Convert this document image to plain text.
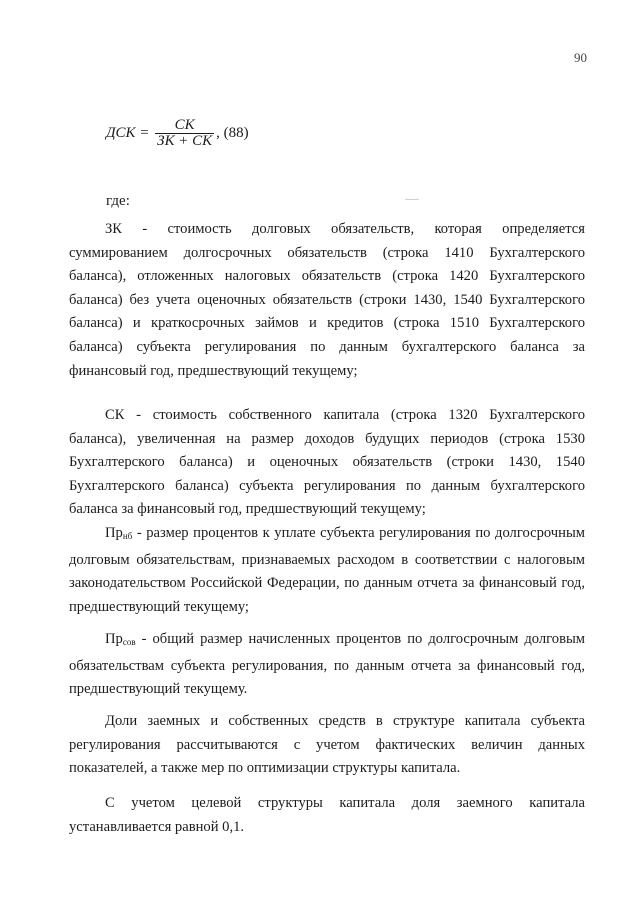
90
ДСК = $\frac{СК}{ЗК + СК}$ , (88)
где:
ЗК - стоимость долговых обязательств, которая определяется суммированием долгосрочных обязательств (строка 1410 Бухгалтерского баланса), отложенных налоговых обязательств (строка 1420 Бухгалтерского баланса) без учета оценочных обязательств (строки 1430, 1540 Бухгалтерского баланса) и краткосрочных займов и кредитов (строка 1510 Бухгалтерского баланса) субъекта регулирования по данным бухгалтерского баланса за финансовый год, предшествующий текущему;
СК - стоимость собственного капитала (строка 1320 Бухгалтерского баланса), увеличенная на размер доходов будущих периодов (строка 1530 Бухгалтерского баланса) и оценочных обязательств (строки 1430, 1540 Бухгалтерского баланса) субъекта регулирования по данным бухгалтерского баланса за финансовый год, предшествующий текущему;
$Пр_{нб}$ - размер процентов к уплате субъекта регулирования по долгосрочным долговым обязательствам, признаваемых расходом в соответствии с налоговым законодательством Российской Федерации, по данным отчета за финансовый год, предшествующий текущему;
$Пр_{сов}$ - общий размер начисленных процентов по долгосрочным долговым обязательствам субъекта регулирования, по данным отчета за финансовый год, предшествующий текущему.
Доли заемных и собственных средств в структуре капитала субъекта регулирования рассчитываются с учетом фактических величин данных показателей, а также мер по оптимизации структуры капитала.
С учетом целевой структуры капитала доля заемного капитала устанавливается равной 0,1.
